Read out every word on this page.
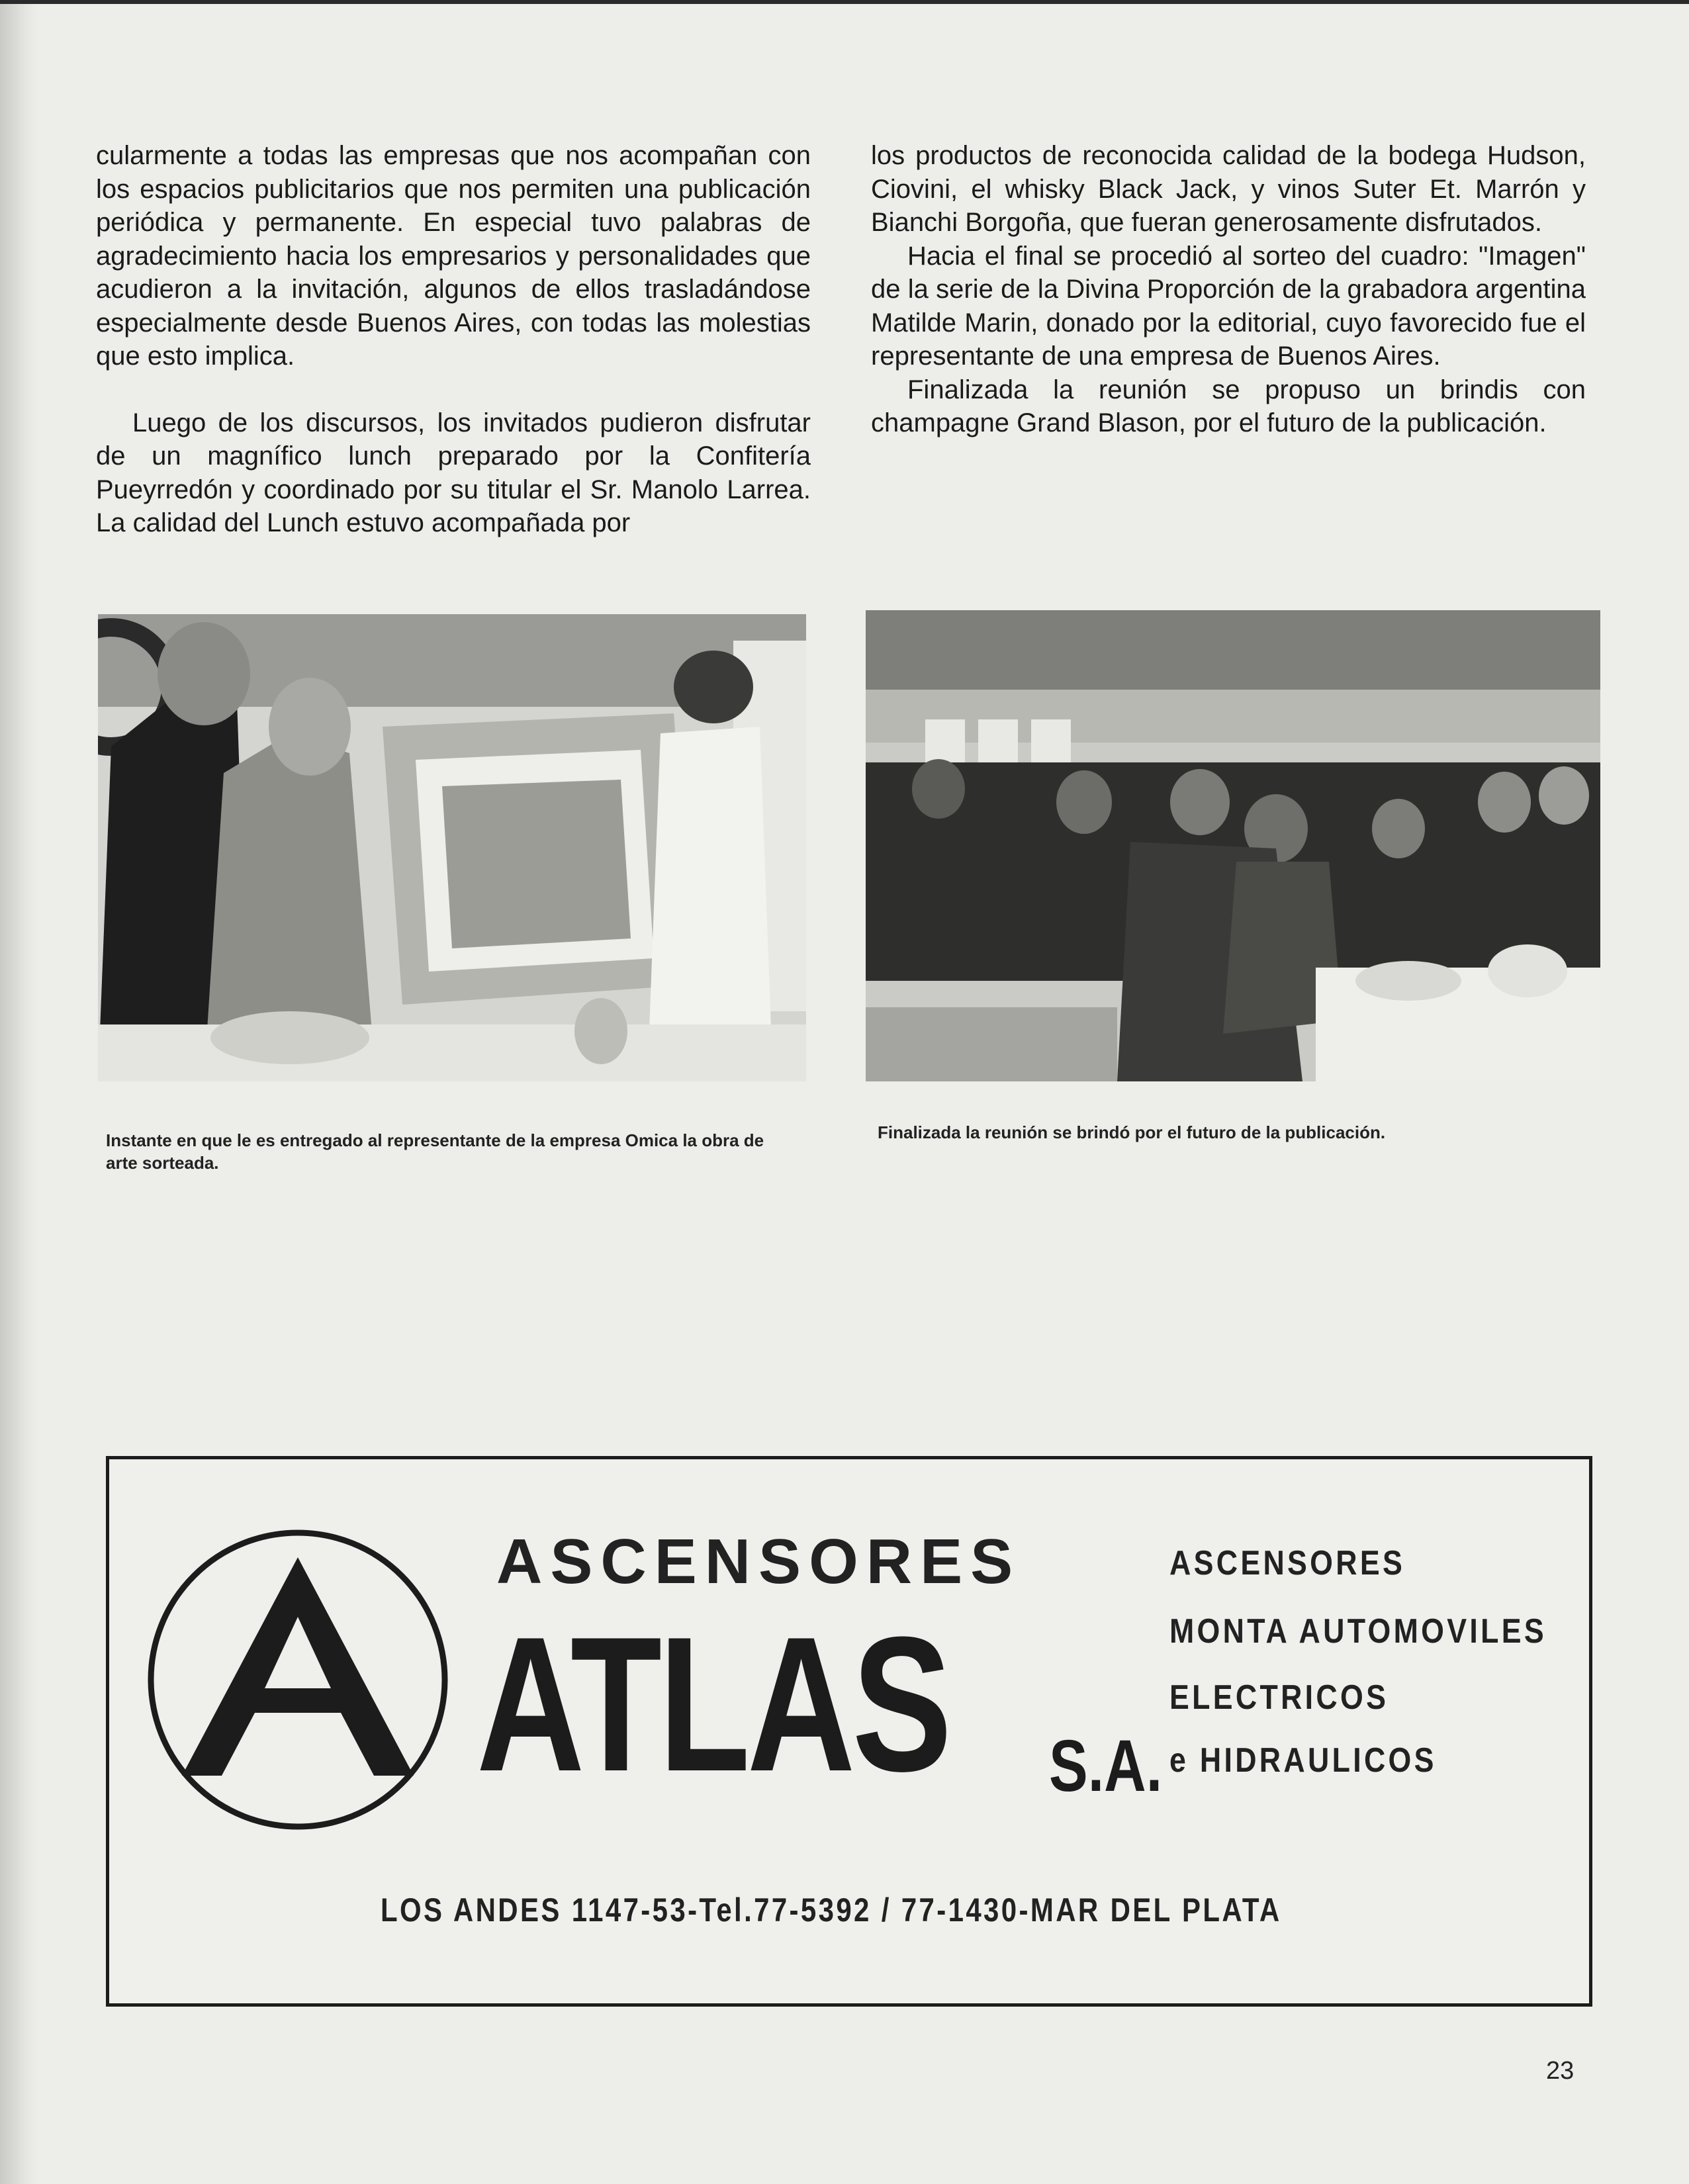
cularmente a todas las empresas que nos acompañan con los espacios publicitarios que nos permiten una publicación periódica y permanente. En especial tuvo palabras de agradecimiento hacia los empresarios y personalidades que acudieron a la invitación, algunos de ellos trasladándose especialmente desde Buenos Aires, con todas las molestias que esto implica.

Luego de los discursos, los invitados pudieron disfrutar de un magnífico lunch preparado por la Confitería Pueyrredón y coordinado por su titular el Sr. Manolo Larrea. La calidad del Lunch estuvo acompañada por

los productos de reconocida calidad de la bodega Hudson, Ciovini, el whisky Black Jack, y vinos Suter Et. Marrón y Bianchi Borgoña, que fueran generosamente disfrutados.

Hacia el final se procedió al sorteo del cuadro: "Imagen" de la serie de la Divina Proporción de la grabadora argentina Matilde Marin, donado por la editorial, cuyo favorecido fue el representante de una empresa de Buenos Aires.

Finalizada la reunión se propuso un brindis con champagne Grand Blason, por el futuro de la publicación.

Instante en que le es entregado al representante de la empresa Omica la obra de arte sorteada.
Finalizada la reunión se brindó por el futuro de la publicación.
ASCENSORES
ATLAS S.A.
ASCENSORES
MONTA AUTOMOVILES
ELECTRICOS
e HIDRAULICOS
LOS ANDES 1147-53-Tel.77-5392 / 77-1430-MAR DEL PLATA
23
